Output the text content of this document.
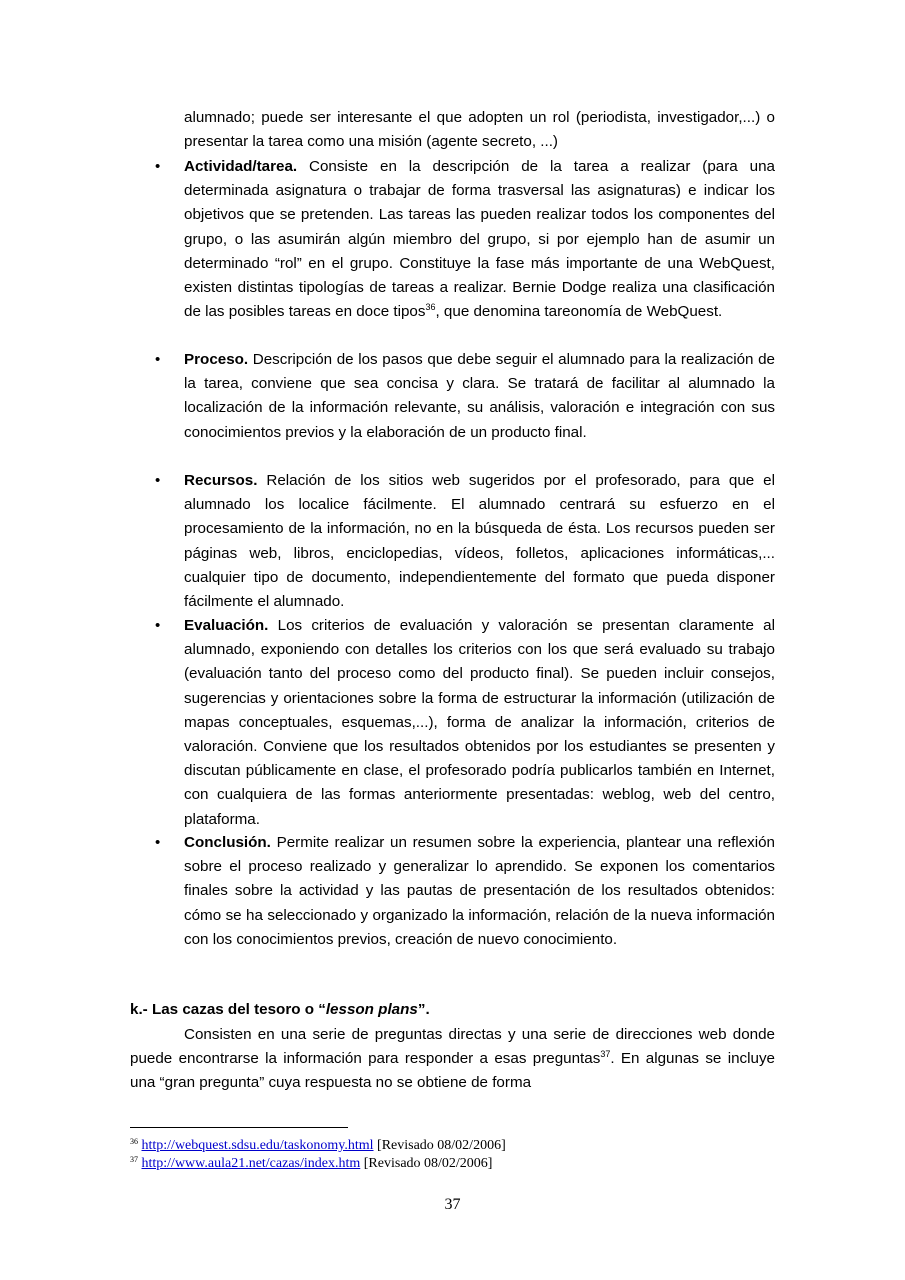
alumnado; puede ser interesante el que adopten un rol (periodista, investigador,...) o presentar la tarea como una misión (agente secreto, ...)
• Actividad/tarea. Consiste en la descripción de la tarea a realizar (para una determinada asignatura o trabajar de forma trasversal las asignaturas) e indicar los objetivos que se pretenden. Las tareas las pueden realizar todos los componentes del grupo, o las asumirán algún miembro del grupo, si por ejemplo han de asumir un determinado “rol” en el grupo. Constituye la fase más importante de una WebQuest, existen distintas tipologías de tareas a realizar. Bernie Dodge realiza una clasificación de las posibles tareas en doce tipos$^{36}$, que denomina tareonomía de WebQuest.
• Proceso. Descripción de los pasos que debe seguir el alumnado para la realización de la tarea, conviene que sea concisa y clara. Se tratará de facilitar al alumnado la localización de la información relevante, su análisis, valoración e integración con sus conocimientos previos y la elaboración de un producto final.
• Recursos. Relación de los sitios web sugeridos por el profesorado, para que el alumnado los localice fácilmente. El alumnado centrará su esfuerzo en el procesamiento de la información, no en la búsqueda de ésta. Los recursos pueden ser páginas web, libros, enciclopedias, vídeos, folletos, aplicaciones informáticas,... cualquier tipo de documento, independientemente del formato que pueda disponer fácilmente el alumnado.
• Evaluación. Los criterios de evaluación y valoración se presentan claramente al alumnado, exponiendo con detalles los criterios con los que será evaluado su trabajo (evaluación tanto del proceso como del producto final). Se pueden incluir consejos, sugerencias y orientaciones sobre la forma de estructurar la información (utilización de mapas conceptuales, esquemas,...), forma de analizar la información, criterios de valoración. Conviene que los resultados obtenidos por los estudiantes se presenten y discutan públicamente en clase, el profesorado podría publicarlos también en Internet, con cualquiera de las formas anteriormente presentadas: weblog, web del centro, plataforma.
• Conclusión. Permite realizar un resumen sobre la experiencia, plantear una reflexión sobre el proceso realizado y generalizar lo aprendido. Se exponen los comentarios finales sobre la actividad y las pautas de presentación de los resultados obtenidos: cómo se ha seleccionado y organizado la información, relación de la nueva información con los conocimientos previos, creación de nuevo conocimiento.
k.- Las cazas del tesoro o “lesson plans”.
Consisten en una serie de preguntas directas y una serie de direcciones web donde puede encontrarse la información para responder a esas preguntas$^{37}$. En algunas se incluye una “gran pregunta” cuya respuesta no se obtiene de forma
$^{36}$ http://webquest.sdsu.edu/taskonomy.html [Revisado 08/02/2006]
$^{37}$ http://www.aula21.net/cazas/index.htm [Revisado 08/02/2006]
37
